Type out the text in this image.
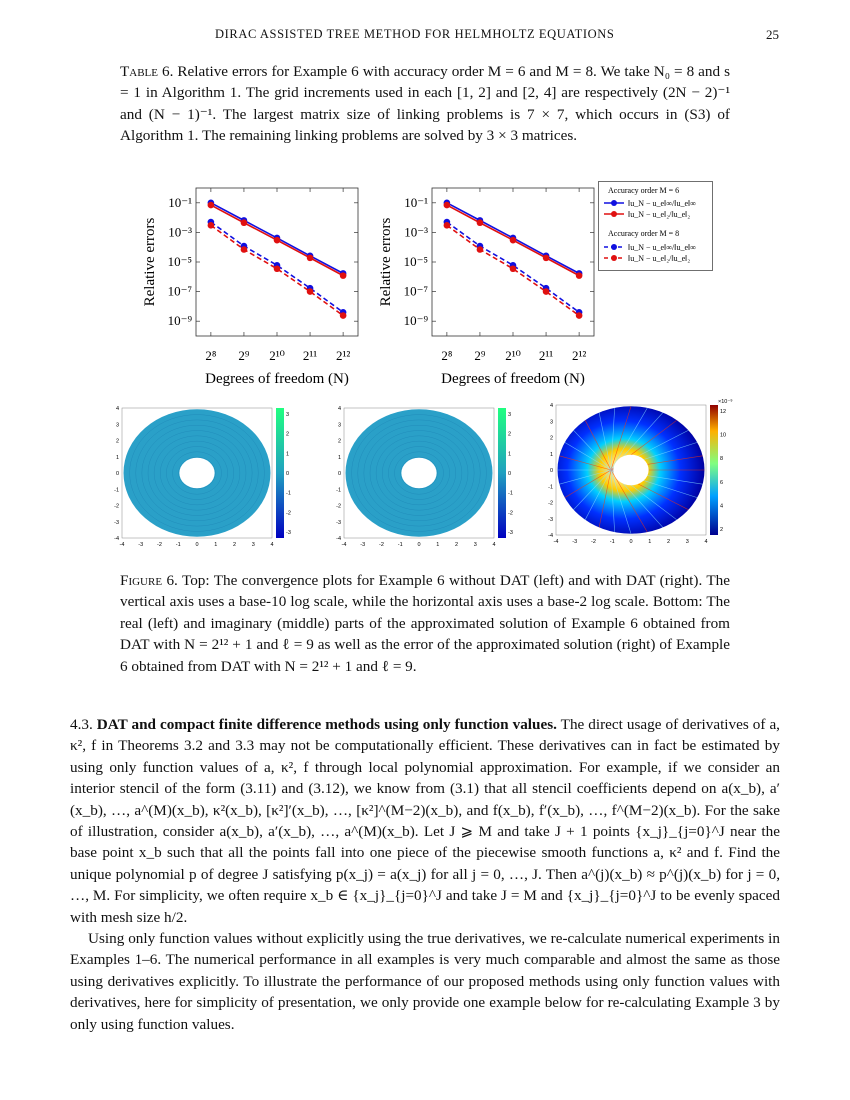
DIRAC ASSISTED TREE METHOD FOR HELMHOLTZ EQUATIONS	25
Table 6. Relative errors for Example 6 with accuracy order M = 6 and M = 8. We take N₀ = 8 and s = 1 in Algorithm 1. The grid increments used in each [1, 2] and [2, 4] are respectively (2N − 2)⁻¹ and (N − 1)⁻¹. The largest matrix size of linking problems is 7 × 7, which occurs in (S3) of Algorithm 1. The remaining linking problems are solved by 3 × 3 matrices.
10⁻¹
10⁻³
10⁻⁵
10⁻⁷
10⁻⁹
2⁸ 2⁹ 2¹⁰ 2¹¹ 2¹²
Relative errors
Degrees of freedom (N)
10⁻¹
10⁻³
10⁻⁵
10⁻⁷
10⁻⁹
2⁸ 2⁹ 2¹⁰ 2¹¹ 2¹²
Relative errors
Degrees of freedom (N)
Accuracy order M = 6
‖u_N − u_e‖∞/‖u_e‖∞
‖u_N − u_e‖₂/‖u_e‖₂
Accuracy order M = 8
‖u_N − u_e‖∞/‖u_e‖∞
‖u_N − u_e‖₂/‖u_e‖₂
-4	-3	-2	-1	0	1	2	3	4
4
3
2
1
0
-1
-2
-3
-4
3
2
1
0
-1
-2
-3
-4	-3	-2	-1	0	1	2	3	4
4
3
2
1
0
-1
-2
-3
-4
3
2
1
0
-1
-2
-3
-4	-3	-2	-1	0	1	2	3	4
4
3
2
1
0
-1
-2
-3
-4
12
10
8
6
4
2
×10⁻⁹
Figure 6. Top: The convergence plots for Example 6 without DAT (left) and with DAT (right). The vertical axis uses a base-10 log scale, while the horizontal axis uses a base-2 log scale. Bottom: The real (left) and imaginary (middle) parts of the approximated solution of Example 6 obtained from DAT with N = 2¹² + 1 and ℓ = 9 as well as the error of the approximated solution (right) of Example 6 obtained from DAT with N = 2¹² + 1 and ℓ = 9.

4.3. DAT and compact finite difference methods using only function values. The direct usage of derivatives of a, κ², f in Theorems 3.2 and 3.3 may not be computationally efficient. These derivatives can in fact be estimated by using only function values of a, κ², f through local polynomial approximation. For example, if we consider an interior stencil of the form (3.11) and (3.12), we know from (3.1) that all stencil coefficients depend on a(x_b), a′(x_b), …, a^(M)(x_b), κ²(x_b), [κ²]′(x_b), …, [κ²]^(M−2)(x_b), and f(x_b), f′(x_b), …, f^(M−2)(x_b). For the sake of illustration, consider a(x_b), a′(x_b), …, a^(M)(x_b). Let J ⩾ M and take J + 1 points {x_j}_{j=0}^J near the base point x_b such that all the points fall into one piece of the piecewise smooth functions a, κ² and f. Find the unique polynomial p of degree J satisfying p(x_j) = a(x_j) for all j = 0, …, J. Then a^(j)(x_b) ≈ p^(j)(x_b) for j = 0, …, M. For simplicity, we often require x_b ∈ {x_j}_{j=0}^J and take J = M and {x_j}_{j=0}^J to be evenly spaced with mesh size h/2.

Using only function values without explicitly using the true derivatives, we re-calculate numerical experiments in Examples 1–6. The numerical performance in all examples is very much comparable and almost the same as those using derivatives explicitly. To illustrate the performance of our proposed methods using only function values with derivatives, here for simplicity of presentation, we only provide one example below for re-calculating Example 3 by only using function values.
